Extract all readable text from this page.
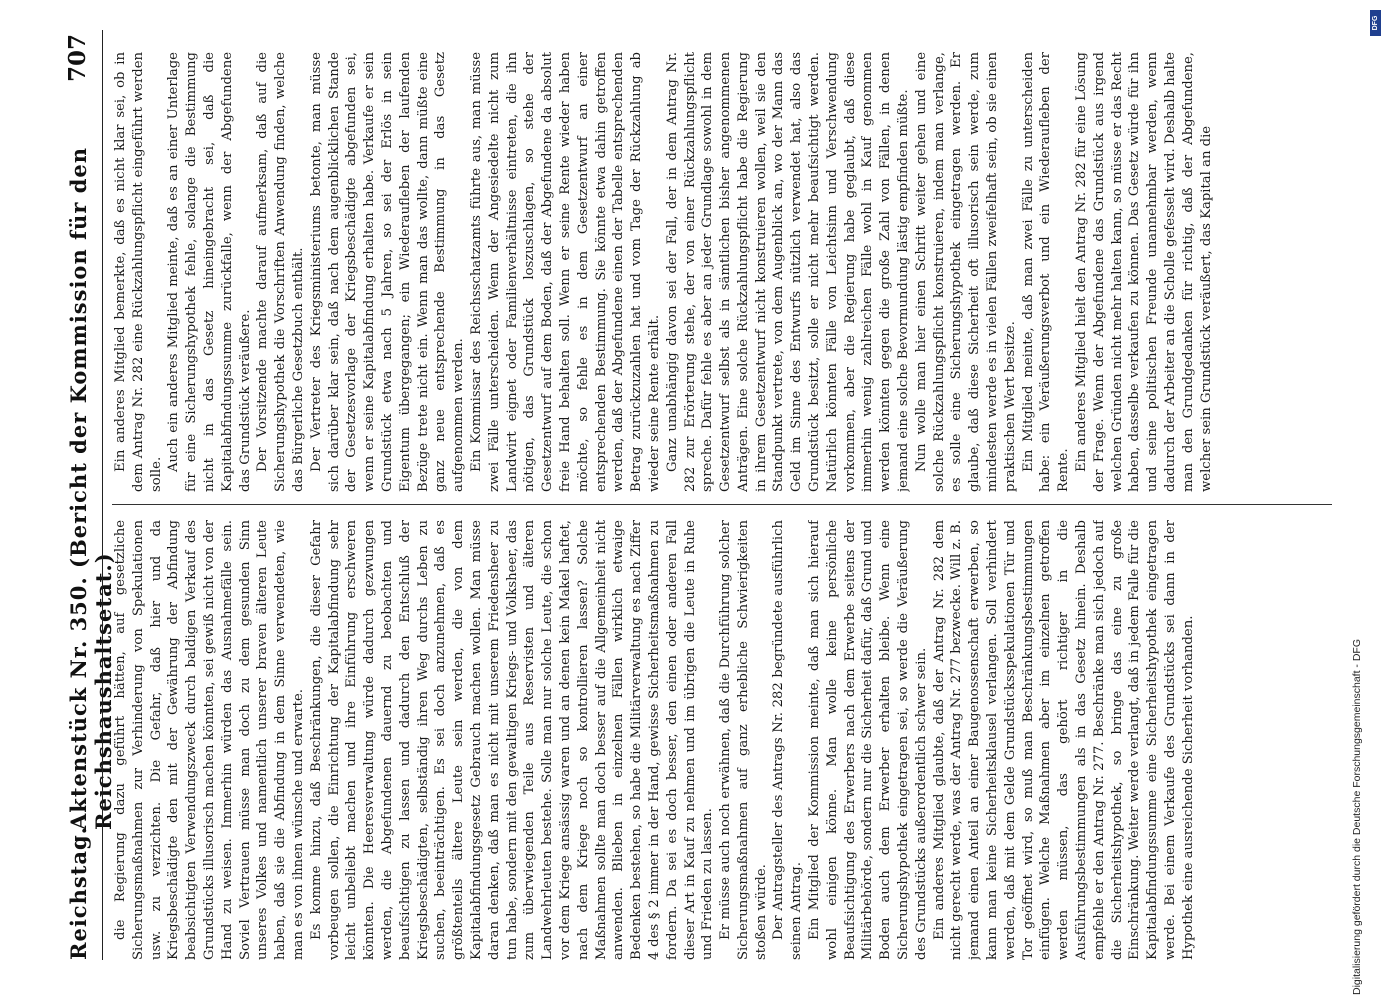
Reichstag.
Aktenstück Nr. 350. (Bericht der Kommission für den Reichshaushaltsetat.)
707

die Regierung dazu geführt hätten, auf gesetzliche Sicherungsmaßnahmen zur Verhinderung von Spekulationen usw. zu verzichten. Die Gefahr, daß hier und da Kriegsbeschädigte den mit der Gewährung der Abfindung beabsichtigten Verwendungszweck durch baldigen Verkauf des Grundstücks illusorisch machen könnten, sei gewiß nicht von der Hand zu weisen. Immerhin würden das Ausnahmefälle sein. Soviel Vertrauen müsse man doch zu dem gesunden Sinn unseres Volkes und namentlich unserer braven älteren Leute haben, daß sie die Abfindung in dem Sinne verwendeten, wie man es von ihnen wünsche und erwarte. Es komme hinzu, daß Beschränkungen, die dieser Gefahr vorbeugen sollen, die Einrichtung der Kapitalabfindung sehr leicht unbeliebt machen und ihre Einführung erschweren könnten. Die Heeresverwaltung würde dadurch gezwungen werden, die Abgefundenen dauernd zu beobachten und beaufsichtigen zu lassen und dadurch den Entschluß der Kriegsbeschädigten, selbständig ihren Weg durchs Leben zu suchen, beeinträchtigen. Es sei doch anzunehmen, daß es größtenteils ältere Leute sein werden, die von dem Kapitalabfindungsgesetz Gebrauch machen wollen. Man müsse daran denken, daß man es nicht mit unserem Friedensheer zu tun habe, sondern mit den gewaltigen Kriegs- und Volksheer, das zum überwiegenden Teile aus Reservisten und älteren Landwehrleuten bestehe. Solle man nur solche Leute, die schon vor dem Kriege ansässig waren und an denen kein Makel haftet, nach dem Kriege noch so kontrollieren lassen? Solche Maßnahmen sollte man doch besser auf die Allgemeinheit nicht anwenden. Blieben in einzelnen Fällen wirklich etwaige Bedenken bestehen, so habe die Militärverwaltung es nach Ziffer 4 des § 2 immer in der Hand, gewisse Sicherheitsmaßnahmen zu fordern. Da sei es doch besser, den einen oder anderen Fall dieser Art in Kauf zu nehmen und im übrigen die Leute in Ruhe und Frieden zu lassen. Er müsse auch noch erwähnen, daß die Durchführung solcher Sicherungsmaßnahmen auf ganz erhebliche Schwierigkeiten stoßen würde. Der Antragsteller des Antrags Nr. 282 begründete ausführlich seinen Antrag. Ein Mitglied der Kommission meinte, daß man sich hierauf wohl einigen könne. Man wolle keine persönliche Beaufsichtigung des Erwerbers nach dem Erwerbe seitens der Militärbehörde, sondern nur die Sicherheit dafür, daß Grund und Boden auch dem Erwerber erhalten bleibe. Wenn eine Sicherungshypothek eingetragen sei, so werde die Veräußerung des Grundstücks außerordentlich schwer sein. Ein anderes Mitglied glaubte, daß der Antrag Nr. 282 dem nicht gerecht werde, was der Antrag Nr. 277 bezwecke. Will z. B. jemand einen Anteil an einer Baugenossenschaft erwerben, so kann man keine Sicherheitsklausel verlangen. Soll verhindert werden, daß mit dem Gelde Grundstücksspekulationen Tür und Tor geöffnet wird, so muß man Beschränkungsbestimmungen einfügen. Welche Maßnahmen aber im einzelnen getroffen werden müssen, das gehört richtiger in die Ausführungsbestimmungen als in das Gesetz hinein. Deshalb empfehle er den Antrag Nr. 277. Beschränke man sich jedoch auf die Sicherheitshypothek, so bringe das eine zu große Einschränkung. Weiter werde verlangt, daß in jedem Falle für die Kapitalabfindungssumme eine Sicherheitshypothek eingetragen werde. Bei einem Verkaufe des Grundstücks sei dann in der Hypothek eine ausreichende Sicherheit vorhanden.

Ein anderes Mitglied bemerkte, daß es nicht klar sei, ob in dem Antrag Nr. 282 eine Rückzahlungspflicht eingeführt werden solle.

Auch ein anderes Mitglied meinte, daß es an einer Unterlage für eine Sicherungshypothek fehle, solange die Bestimmung nicht in das Gesetz hineingebracht sei, daß die Kapitalabfindungssumme zurückfalle, wenn der Abgefundene das Grundstück veräußere. Der Vorsitzende machte darauf aufmerksam, daß auf die Sicherungshypothek die Vorschriften Anwendung finden, welche das Bürgerliche Gesetzbuch enthält. Der Vertreter des Kriegsministeriums betonte, man müsse sich darüber klar sein, daß nach dem augenblicklichen Stande der Gesetzesvorlage der Kriegsbeschädigte abgefunden sei, wenn er seine Kapitalabfindung erhalten habe. Verkaufe er sein Grundstück etwa nach 5 Jahren, so sei der Erlös in sein Eigentum übergegangen; ein Wiederaufleben der laufenden Bezüge trete nicht ein. Wenn man das wollte, dann müßte eine ganz neue entsprechende Bestimmung in das Gesetz aufgenommen werden. Ein Kommissar des Reichsschatzamts führte aus, man müsse zwei Fälle unterscheiden. Wenn der Angesiedelte nicht zum Landwirt eignet oder Familienverhältnisse eintreten, die ihn nötigen, das Grundstück loszuschlagen, so stehe der Gesetzentwurf auf dem Boden, daß der Abgefundene da absolut freie Hand behalten soll. Wenn er seine Rente wieder haben möchte, so fehle es in dem Gesetzentwurf an einer entsprechenden Bestimmung. Sie könnte etwa dahin getroffen werden, daß der Abgefundene einen der Tabelle entsprechenden Betrag zurückzuzahlen hat und vom Tage der Rückzahlung ab wieder seine Rente erhält. Ganz unabhängig davon sei der Fall, der in dem Antrag Nr. 282 zur Erörterung stehe, der von einer Rückzahlungspflicht spreche. Dafür fehle es aber an jeder Grundlage sowohl in dem Gesetzentwurf selbst als in sämtlichen bisher angenommenen Anträgen. Eine solche Rückzahlungspflicht habe die Regierung in ihrem Gesetzentwurf nicht konstruieren wollen, weil sie den Standpunkt vertrete, von dem Augenblick an, wo der Mann das Geld im Sinne des Entwurfs nützlich verwendet hat, also das Grundstück besitzt, solle er nicht mehr beaufsichtigt werden. Natürlich könnten Fälle von Leichtsinn und Verschwendung vorkommen, aber die Regierung habe geglaubt, daß diese immerhin wenig zahlreichen Fälle wohl in Kauf genommen werden könnten gegen die große Zahl von Fällen, in denen jemand eine solche Bevormundung lästig empfinden müßte. Nun wolle man hier einen Schritt weiter gehen und eine solche Rückzahlungspflicht konstruieren, indem man verlange, es solle eine Sicherungshypothek eingetragen werden. Er glaube, daß diese Sicherheit oft illusorisch sein werde, zum mindesten werde es in vielen Fällen zweifelhaft sein, ob sie einen praktischen Wert besitze. Ein Mitglied meinte, daß man zwei Fälle zu unterscheiden habe: ein Veräußerungsverbot und ein Wiederaufleben der Rente. Ein anderes Mitglied hielt den Antrag Nr. 282 für eine Lösung der Frage. Wenn der Abgefundene das Grundstück aus irgend welchen Gründen nicht mehr halten kann, so müsse er das Recht haben, dasselbe verkaufen zu können. Das Gesetz würde für ihn und seine politischen Freunde unannehmbar werden, wenn dadurch der Arbeiter an die Scholle gefesselt wird. Deshalb halte man den Grundgedanken für richtig, daß der Abgefundene, welcher sein Grundstück veräußert, das Kapital an die

Digitalisierung gefördert durch die Deutsche Forschungsgemeinschaft - DFG
DFG
